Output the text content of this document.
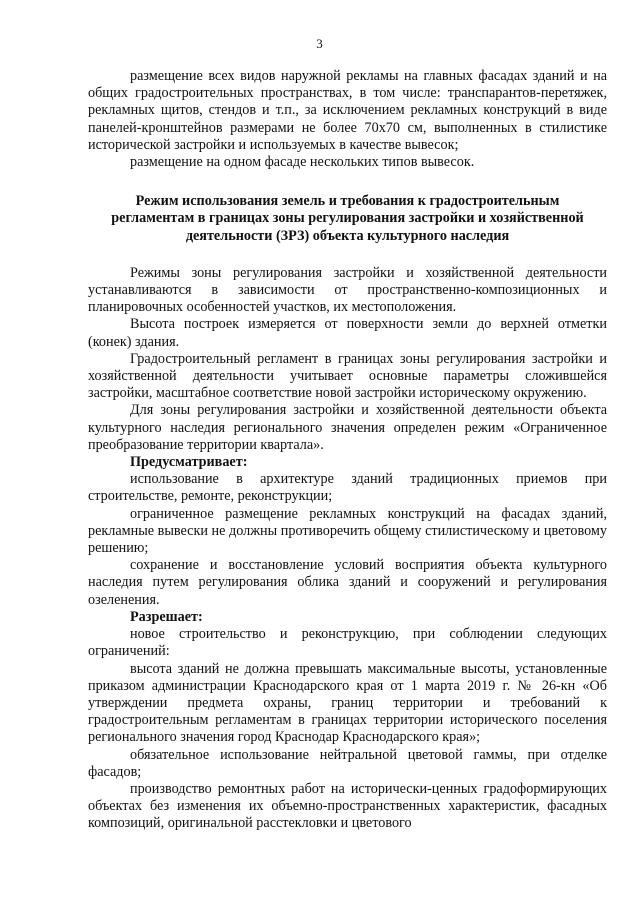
3

размещение всех видов наружной рекламы на главных фасадах зданий и на общих градостроительных пространствах, в том числе: транспарантов-перетяжек, рекламных щитов, стендов и т.п., за исключением рекламных конструкций в виде панелей-кронштейнов размерами не более 70х70 см, выполненных в стилистике исторической застройки и используемых в качестве вывесок;

размещение на одном фасаде нескольких типов вывесок.

Режим использования земель и требования к градостроительным регламентам в границах зоны регулирования застройки и хозяйственной деятельности (ЗРЗ) объекта культурного наследия

Режимы зоны регулирования застройки и хозяйственной деятельности устанавливаются в зависимости от пространственно-композиционных и планировочных особенностей участков, их местоположения.

Высота построек измеряется от поверхности земли до верхней отметки (конек) здания.

Градостроительный регламент в границах зоны регулирования застройки и хозяйственной деятельности учитывает основные параметры сложившейся застройки, масштабное соответствие новой застройки историческому окружению.

Для зоны регулирования застройки и хозяйственной деятельности объекта культурного наследия регионального значения определен режим «Ограниченное преобразование территории квартала».

Предусматривает:

использование в архитектуре зданий традиционных приемов при строительстве, ремонте, реконструкции;

ограниченное размещение рекламных конструкций на фасадах зданий, рекламные вывески не должны противоречить общему стилистическому и цветовому решению;

сохранение и восстановление условий восприятия объекта культурного наследия путем регулирования облика зданий и сооружений и регулирования озеленения.

Разрешает:

новое строительство и реконструкцию, при соблюдении следующих ограничений:

высота зданий не должна превышать максимальные высоты, установленные приказом администрации Краснодарского края от 1 марта 2019 г. № 26-кн «Об утверждении предмета охраны, границ территории и требований к градостроительным регламентам в границах территории исторического поселения регионального значения город Краснодар Краснодарского края»;

обязательное использование нейтральной цветовой гаммы, при отделке фасадов;

производство ремонтных работ на исторически-ценных градоформирующих объектах без изменения их объемно-пространственных характеристик, фасадных композиций, оригинальной расстекловки и цветового
